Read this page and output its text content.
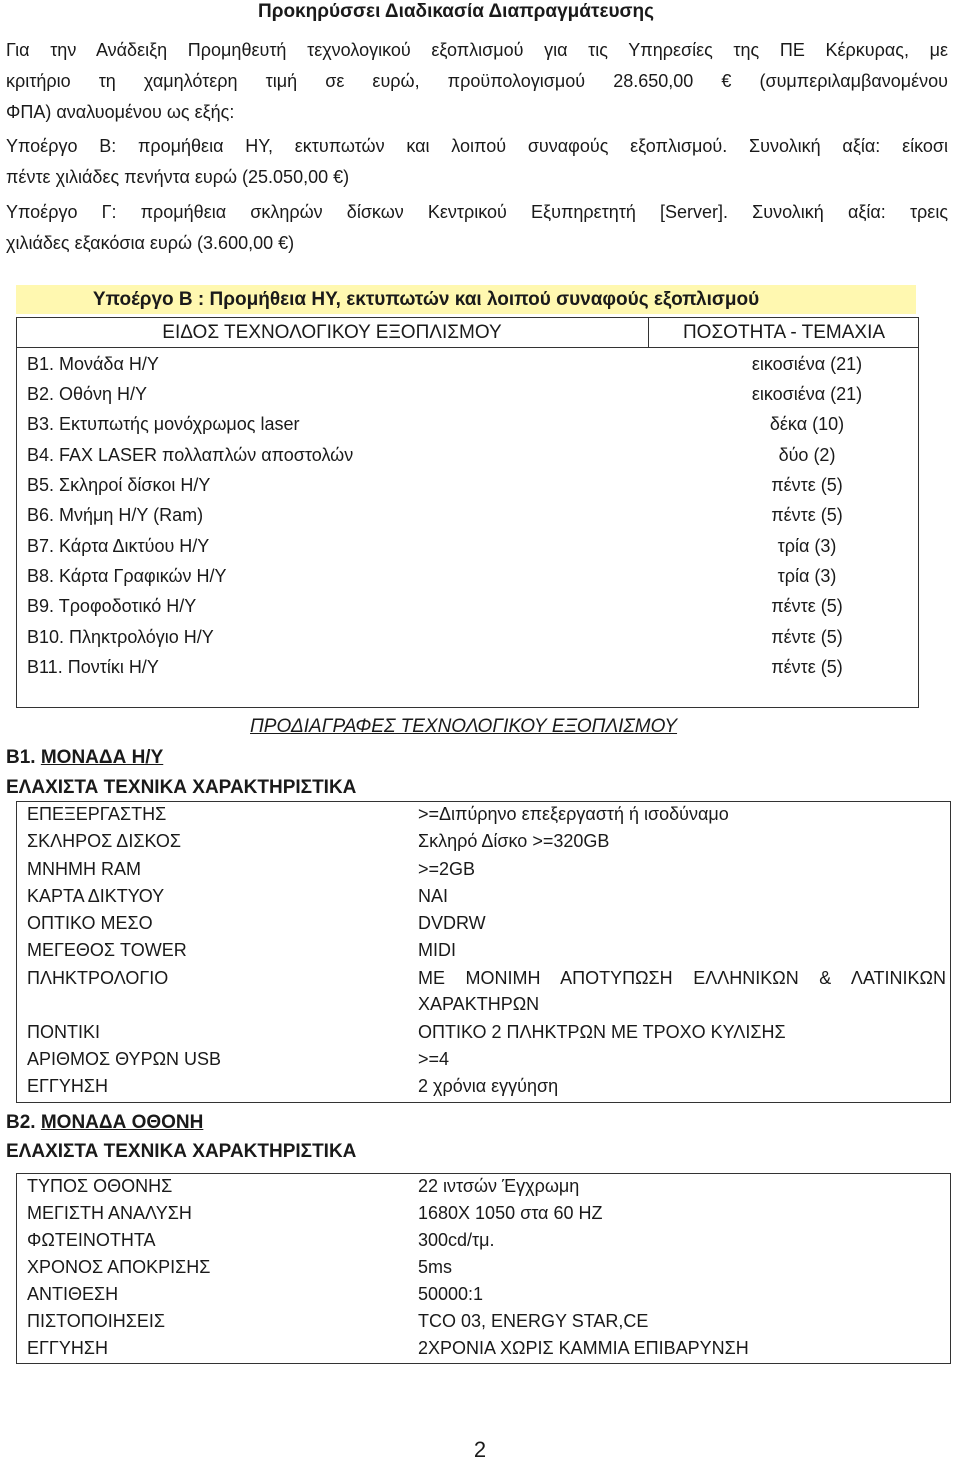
Προκηρύσσει Διαδικασία Διαπραγμάτευσης
Για την Ανάδειξη Προμηθευτή τεχνολογικού εξοπλισμού για τις Υπηρεσίες της ΠΕ Κέρκυρας, με
κριτήριο τη χαμηλότερη τιμή σε ευρώ, προϋπολογισμού 28.650,00 € (συμπεριλαμβανομένου
ΦΠΑ) αναλυομένου ως εξής:
Υποέργο Β: προμήθεια ΗΥ, εκτυπωτών και λοιπού συναφούς εξοπλισμού. Συνολική αξία: είκοσι
πέντε χιλιάδες πενήντα ευρώ (25.050,00 €)
Υποέργο Γ: προμήθεια σκληρών δίσκων Κεντρικού Εξυπηρετητή [Server]. Συνολική αξία: τρεις
χιλιάδες εξακόσια ευρώ (3.600,00 €)
Υποέργο Β : Προμήθεια ΗΥ, εκτυπωτών και λοιπού συναφούς εξοπλισμού
ΕΙΔΟΣ ΤΕΧΝΟΛΟΓΙΚΟΥ ΕΞΟΠΛΙΣΜΟΥ	ΠΟΣΟΤΗΤΑ - ΤΕΜΑΧΙΑ
Β1. Μονάδα Η/Υ	εικοσιένα (21)
Β2. Οθόνη Η/Υ	εικοσιένα (21)
Β3. Εκτυπωτής μονόχρωμος laser	δέκα (10)
Β4. FAX LASER πολλαπλών αποστολών	δύο (2)
Β5. Σκληροί δίσκοι Η/Υ	πέντε (5)
Β6. Μνήμη Η/Υ (Ram)	πέντε (5)
Β7. Κάρτα Δικτύου Η/Υ	τρία (3)
Β8. Κάρτα Γραφικών Η/Υ	τρία (3)
Β9. Τροφοδοτικό Η/Υ	πέντε (5)
Β10. Πληκτρολόγιο Η/Υ	πέντε (5)
Β11. Ποντίκι Η/Υ	πέντε (5)
ΠΡΟΔΙΑΓΡΑΦΕΣ ΤΕΧΝΟΛΟΓΙΚΟΥ ΕΞΟΠΛΙΣΜΟΥ
Β1. ΜΟΝΑΔΑ Η/Υ
ΕΛΑΧΙΣΤΑ ΤΕΧΝΙΚΑ ΧΑΡΑΚΤΗΡΙΣΤΙΚΑ
ΕΠΕΞΕΡΓΑΣΤΗΣ	>=Διπύρηνο επεξεργαστή ή ισοδύναμο
ΣΚΛΗΡΟΣ ΔΙΣΚΟΣ	Σκληρό Δίσκο >=320GB
ΜΝΗΜΗ RAM	>=2GB
ΚΑΡΤΑ ΔΙΚΤΥΟΥ	ΝΑΙ
ΟΠΤΙΚΟ ΜΕΣΟ	DVDRW
ΜΕΓΕΘΟΣ TOWER	MIDI
ΠΛΗΚΤΡΟΛΟΓΙΟ	ΜΕ ΜΟΝΙΜΗ ΑΠΟΤΥΠΩΣΗ ΕΛΛΗΝΙΚΩΝ & ΛΑΤΙΝΙΚΩΝ
ΧΑΡΑΚΤΗΡΩΝ
ΠΟΝΤΙΚΙ	ΟΠΤΙΚΟ 2 ΠΛΗΚΤΡΩΝ ΜΕ ΤΡΟΧΟ ΚΥΛΙΣΗΣ
ΑΡΙΘΜΟΣ ΘΥΡΩΝ USB	>=4
ΕΓΓΥΗΣΗ	2 χρόνια εγγύηση
Β2. ΜΟΝΑΔΑ ΟΘΟΝΗ
ΕΛΑΧΙΣΤΑ ΤΕΧΝΙΚΑ ΧΑΡΑΚΤΗΡΙΣΤΙΚΑ
ΤΥΠΟΣ ΟΘΟΝΗΣ	22 ιντσών Έγχρωμη
ΜΕΓΙΣΤΗ ΑΝΑΛΥΣΗ	1680X 1050 στα 60 HZ
ΦΩΤΕΙΝΟΤΗΤΑ	300cd/τμ.
ΧΡΟΝΟΣ ΑΠΟΚΡΙΣΗΣ	5ms
ΑΝΤΙΘΕΣΗ	50000:1
ΠΙΣΤΟΠΟΙΗΣΕΙΣ	TCO 03, ENERGY STAR,CE
ΕΓΓΥΗΣΗ	2ΧΡΟΝΙΑ ΧΩΡΙΣ ΚΑΜΜΙΑ ΕΠΙΒΑΡΥΝΣΗ
2
